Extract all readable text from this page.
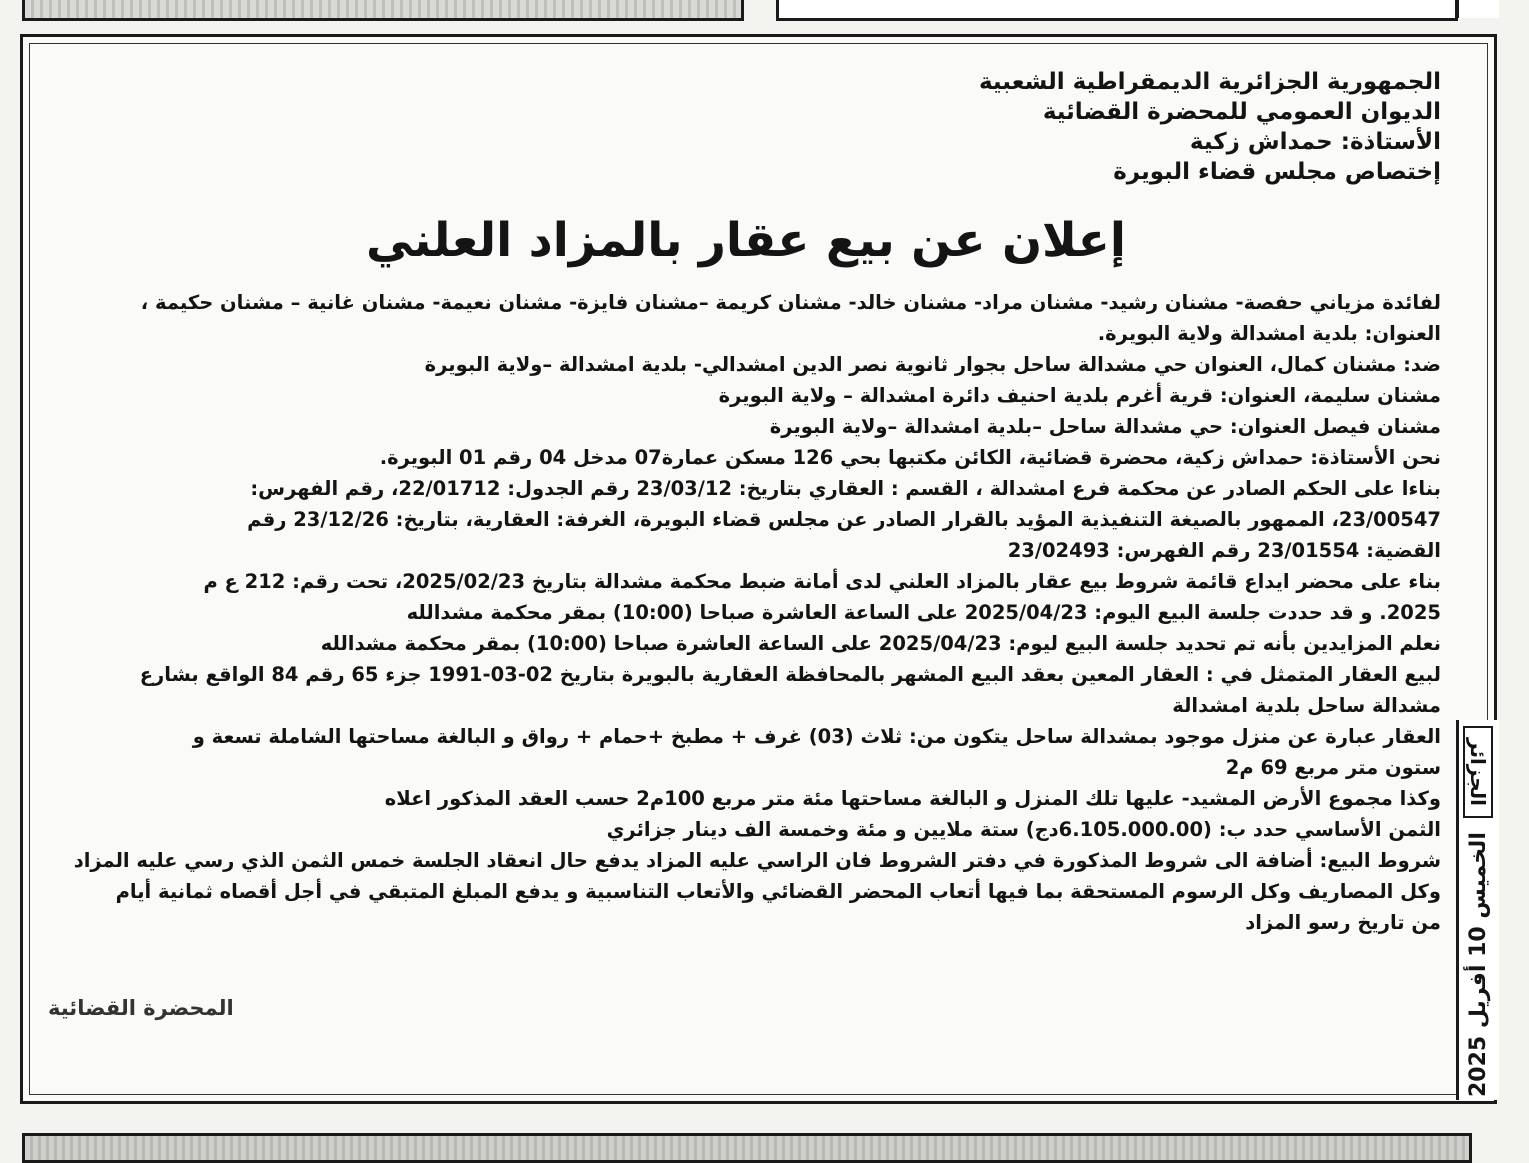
الجمهورية الجزائرية الديمقراطية الشعبية

الديوان العمومي للمحضرة القضائية

الأستاذة: حمداش زكية

إختصاص مجلس قضاء البويرة

إعلان عن بيع عقار بالمزاد العلني

لفائدة مزياني حفصة- مشنان رشيد- مشنان مراد- مشنان خالد- مشنان كريمة –مشنان فايزة- مشنان نعيمة- مشنان غانية – مشنان حكيمة ،

العنوان: بلدية امشدالة ولاية البويرة.

ضد: مشنان كمال، العنوان حي مشدالة ساحل بجوار ثانوية نصر الدين امشدالي- بلدية امشدالة –ولاية البويرة

مشنان سليمة، العنوان: قرية أغرم بلدية احنيف دائرة امشدالة – ولاية البويرة

مشنان فيصل العنوان: حي مشدالة ساحل –بلدية امشدالة –ولاية البويرة

نحن الأستاذة: حمداش زكية، محضرة قضائية، الكائن مكتبها بحي 126 مسكن عمارة07 مدخل 04 رقم 01 البويرة.

بناءا على الحكم الصادر عن محكمة فرع امشدالة ، القسم : العقاري بتاريخ: 23/03/12 رقم الجدول: 22/01712، رقم الفهرس:

23/00547، الممهور بالصيغة التنفيذية المؤيد بالقرار الصادر عن مجلس قضاء البويرة، الغرفة: العقارية، بتاريخ: 23/12/26 رقم

القضية: 23/01554 رقم الفهرس: 23/02493

بناء على محضر ايداع قائمة شروط بيع عقار بالمزاد العلني لدى أمانة ضبط محكمة مشدالة بتاريخ 2025/02/23، تحت رقم: 212 ع م

2025. و قد حددت جلسة البيع اليوم: 2025/04/23 على الساعة العاشرة صباحا (10:00) بمقر محكمة مشدالله

نعلم المزايدين بأنه تم تحديد جلسة البيع ليوم: 2025/04/23 على الساعة العاشرة صباحا (10:00) بمقر محكمة مشدالله

لبيع العقار المتمثل في : العقار المعين بعقد البيع المشهر بالمحافظة العقارية بالبويرة بتاريخ 02-03-1991 جزء 65 رقم 84 الواقع بشارع

مشدالة ساحل بلدية امشدالة

العقار عبارة عن منزل موجود بمشدالة ساحل يتكون من: ثلاث (03) غرف + مطبخ +حمام + رواق و البالغة مساحتها الشاملة تسعة و

ستون متر مربع 69 م2

وكذا مجموع الأرض المشيد- عليها تلك المنزل و البالغة مساحتها مئة متر مربع 100م2 حسب العقد المذكور اعلاه

الثمن الأساسي حدد ب: (6.105.000.00دج) ستة ملايين و مئة وخمسة الف دينار جزائري

شروط البيع: أضافة الى شروط المذكورة في دفتر الشروط فان الراسي عليه المزاد يدفع حال انعقاد الجلسة خمس الثمن الذي رسي عليه المزاد

وكل المصاريف وكل الرسوم المستحقة بما فيها أتعاب المحضر القضائي والأتعاب التناسبية و يدفع المبلغ المتبقي في أجل أقصاه ثمانية أيام

من تاريخ رسو المزاد

المحضرة القضائية
الجزائر
الخميس 10 أفريل 2025
